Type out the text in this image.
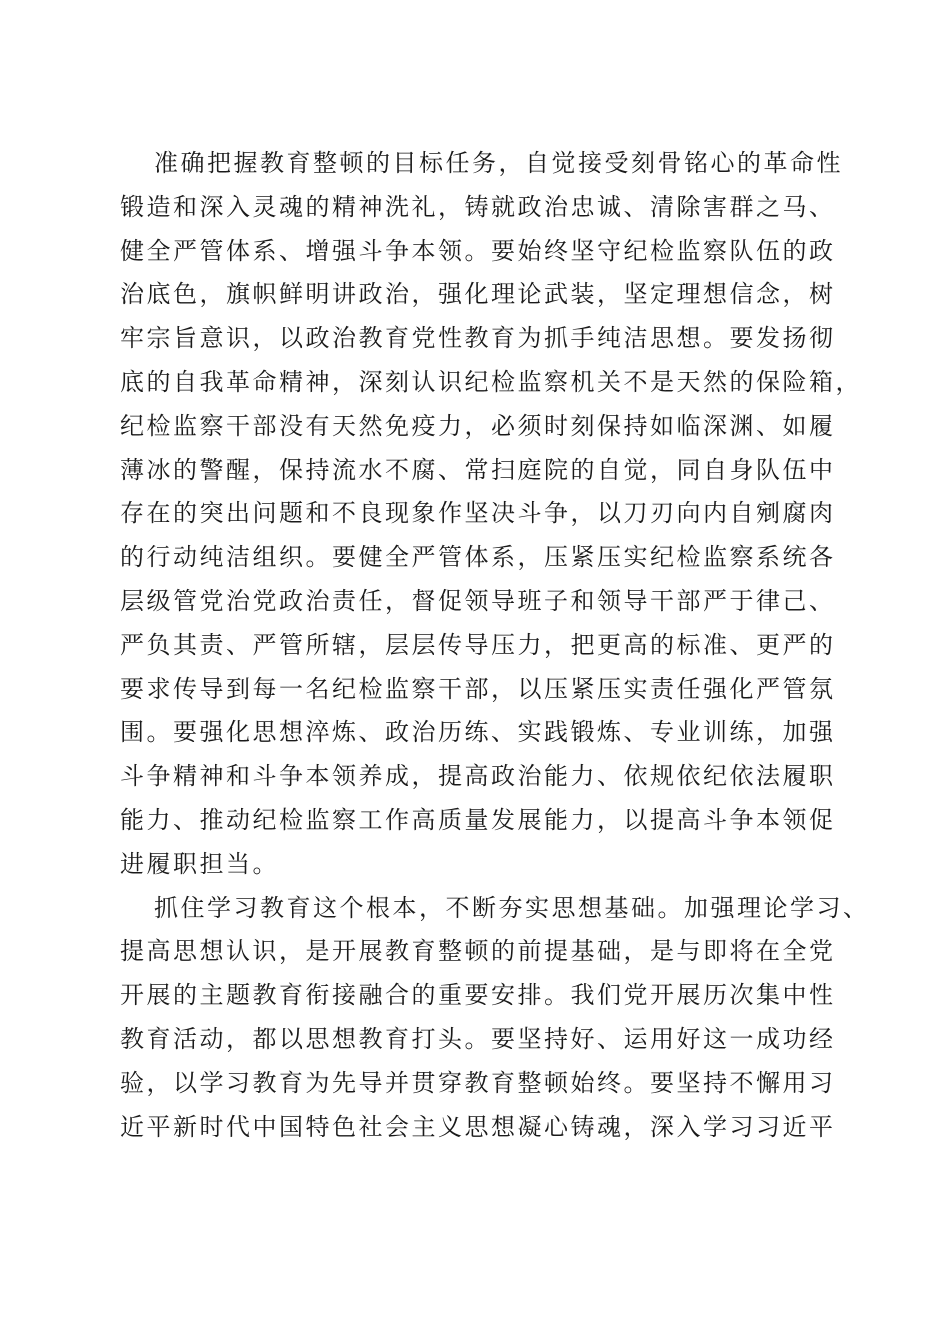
准确把握教育整顿的目标任务，自觉接受刻骨铭心的革命性
锻造和深入灵魂的精神洗礼，铸就政治忠诚、清除害群之马、
健全严管体系、增强斗争本领。要始终坚守纪检监察队伍的政
治底色，旗帜鲜明讲政治，强化理论武装，坚定理想信念，树
牢宗旨意识，以政治教育党性教育为抓手纯洁思想。要发扬彻
底的自我革命精神，深刻认识纪检监察机关不是天然的保险箱，
纪检监察干部没有天然免疫力，必须时刻保持如临深渊、如履
薄冰的警醒，保持流水不腐、常扫庭院的自觉，同自身队伍中
存在的突出问题和不良现象作坚决斗争，以刀刃向内自剜腐肉
的行动纯洁组织。要健全严管体系，压紧压实纪检监察系统各
层级管党治党政治责任，督促领导班子和领导干部严于律己、
严负其责、严管所辖，层层传导压力，把更高的标准、更严的
要求传导到每一名纪检监察干部，以压紧压实责任强化严管氛
围。要强化思想淬炼、政治历练、实践锻炼、专业训练，加强
斗争精神和斗争本领养成，提高政治能力、依规依纪依法履职
能力、推动纪检监察工作高质量发展能力，以提高斗争本领促
进履职担当。
抓住学习教育这个根本，不断夯实思想基础。加强理论学习、
提高思想认识，是开展教育整顿的前提基础，是与即将在全党
开展的主题教育衔接融合的重要安排。我们党开展历次集中性
教育活动，都以思想教育打头。要坚持好、运用好这一成功经
验，以学习教育为先导并贯穿教育整顿始终。要坚持不懈用习
近平新时代中国特色社会主义思想凝心铸魂，深入学习习近平
